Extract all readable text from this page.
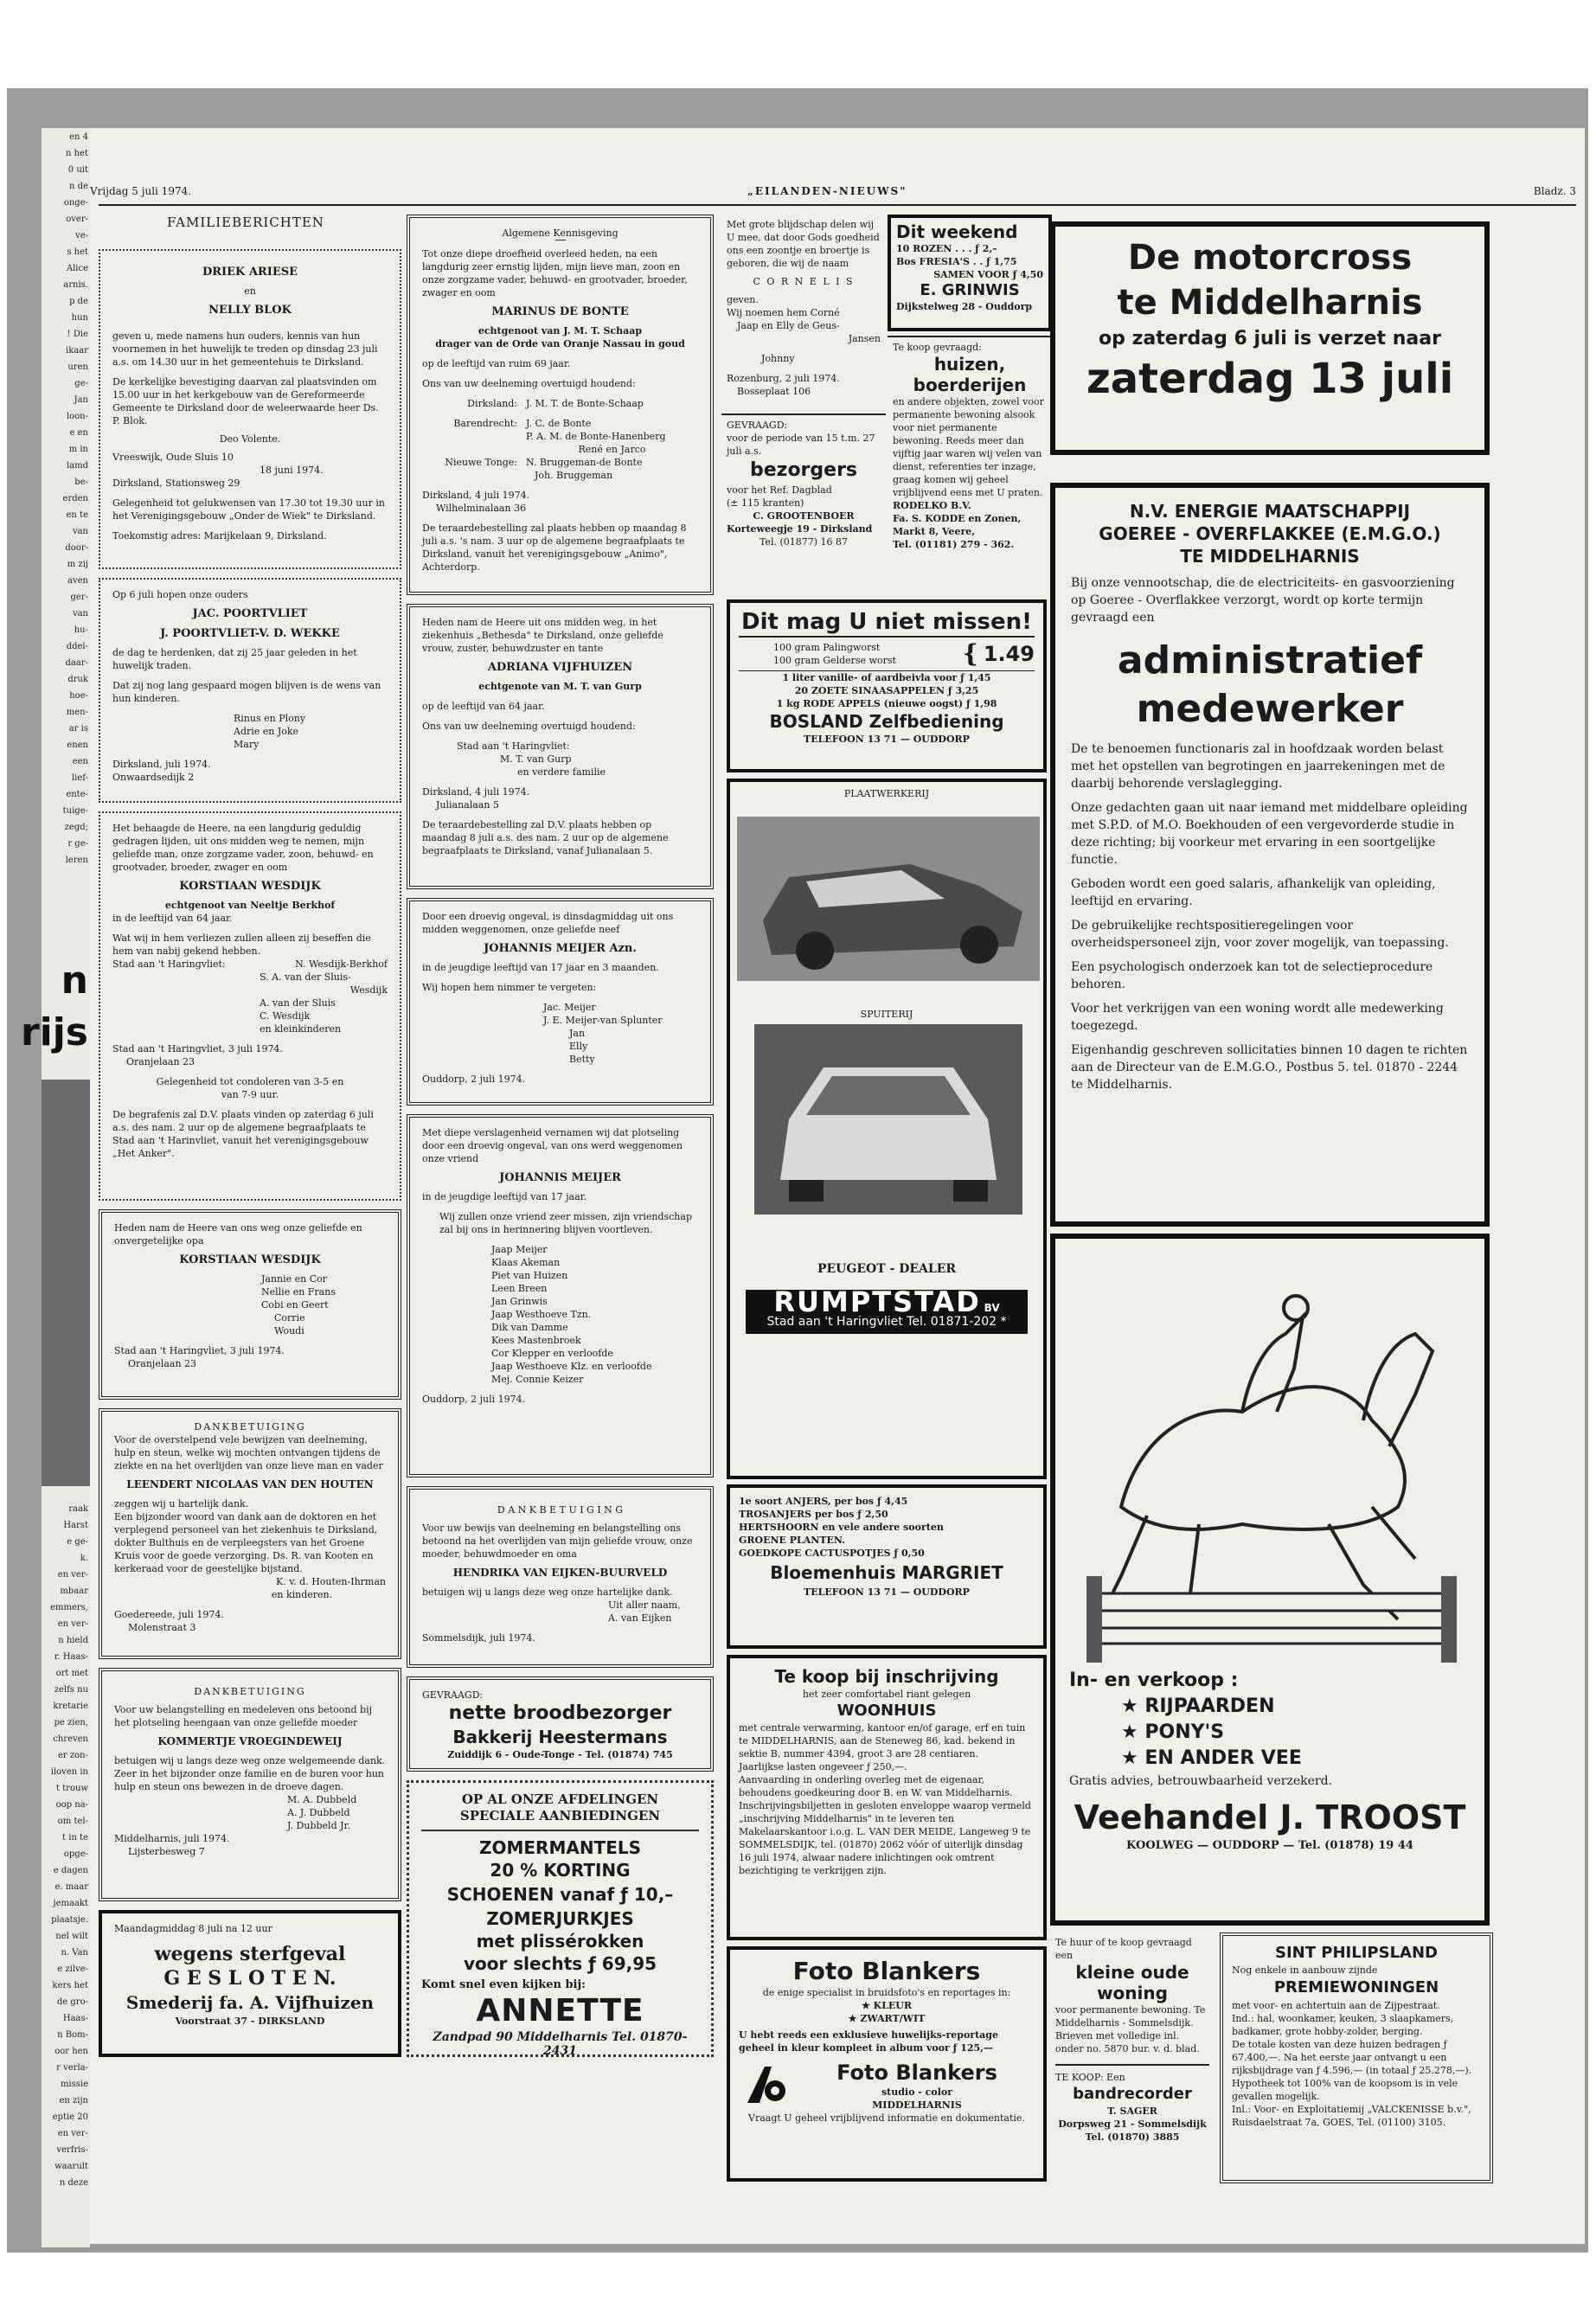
n
rijs
en 4
n het
0 uit
n de
onge-
over-
ve-
s het
Alice
arnis.
p de
hun
! Die
ikaar
uren
ge-
Jan
loon-
e en
m in
lamd
be-
erden
en te
van
door-
m zij
aven
ger-
van
hu-
ddel-
daar-
druk
hoe-
men-
ar is
enen
een
lief-
ente-
tuige-
zegd;
r ge-
leren
raak
Harst
e ge-
k.
en ver-
mbaar
emmers,
en ver-
n hield
r. Haas-
ort met
zelfs nu
kretarie
pe zien,
chreven
er zon-
iloven in
t trouw
oop na-
om tel-
t in te
opge-
e dagen
e. maar
jemaakt
plaatsje.
nel wilt
n. Van
e zilve-
kers het
de gro-
Haas-
n Bom-
oor hen
r verla-
missie
en zijn
eptie 20
en ver-
verfris-
waarult
n deze
Vrijdag 5 juli 1974.	„EILANDEN-NIEUWS"	Bladz. 3
FAMILIEBERICHTEN
DRIEK ARIESE
en
NELLY BLOK

geven u, mede namens hun ouders, kennis van hun voornemen in het huwelijk te treden op dinsdag 23 juli a.s. om 14.30 uur in het gemeentehuis te Dirksland.

De kerkelijke bevestiging daarvan zal plaatsvinden om 15.00 uur in het kerkgebouw van de Gereformeerde Gemeente te Dirksland door de weleerwaarde heer Ds. P. Blok.

Deo Volente.

Vreeswijk, Oude Sluis 10

18 juni 1974.

Dirksland, Stationsweg 29

Gelegenheid tot gelukwensen van 17.30 tot 19.30 uur in het Verenigingsgebouw „Onder de Wiek" te Dirksland.

Toekomstig adres: Marijkelaan 9, Dirksland.

Op 6 juli hopen onze ouders

JAC. POORTVLIET
J. POORTVLIET-V. D. WEKKE

de dag te herdenken, dat zij 25 jaar geleden in het huwelijk traden.

Dat zij nog lang gespaard mogen blijven is de wens van hun kinderen.

Rinus en Plony

Adrie en Joke

Mary

Dirksland, juli 1974.

Onwaardsedijk 2

Het behaagde de Heere, na een langdurig geduldig gedragen lijden, uit ons midden weg te nemen, mijn geliefde man, onze zorgzame vader, zoon, behuwd- en grootvader, broeder, zwager en oom

KORSTIAAN WESDIJK

echtgenoot van Neeltje Berkhof

in de leeftijd van 64 jaar.

Wat wij in hem verliezen zullen alleen zij beseffen die hem van nabij gekend hebben.

Stad aan 't Haringvliet:	N. Wesdijk-Berkhof

S. A. van der Sluis-

Wesdijk

A. van der Sluis

C. Wesdijk

en kleinkinderen

Stad aan 't Haringvliet, 3 juli 1974.

Oranjelaan 23

Gelegenheid tot condoleren van 3-5 en

van 7-9 uur.

De begrafenis zal D.V. plaats vinden op zaterdag 6 juli a.s. des nam. 2 uur op de algemene begraafplaats te Stad aan 't Harinvliet, vanuit het verenigingsgebouw „Het Anker".

Heden nam de Heere van ons weg onze geliefde en onvergetelijke opa

KORSTIAAN WESDIJK

Jannie en Cor

Nellie en Frans

Cobi en Geert

Corrie

Woudi

Stad aan 't Haringvliet, 3 juli 1974.

Oranjelaan 23

DANKBETUIGING

Voor de overstelpend vele bewijzen van deelneming, hulp en steun, welke wij mochten ontvangen tijdens de ziekte en na het overlijden van onze lieve man en vader

LEENDERT NICOLAAS VAN DEN HOUTEN

zeggen wij u hartelijk dank.

Een bijzonder woord van dank aan de doktoren en het verplegend personeel van het ziekenhuis te Dirksland, dokter Bulthuis en de verpleegsters van het Groene Kruis voor de goede verzorging. Ds. R. van Kooten en kerkeraad voor de geestelijke bijstand.

K. v. d. Houten-Ihrman

en kinderen.

Goedereede, juli 1974.

Molenstraat 3

DANKBETUIGING

Voor uw belangstelling en medeleven ons betoond bij het plotseling heengaan van onze geliefde moeder

KOMMERTJE VROEGINDEWEIJ

betuigen wij u langs deze weg onze welgemeende dank.

Zeer in het bijzonder onze familie en de buren voor hun hulp en steun ons bewezen in de droeve dagen.

M. A. Dubbeld

A. J. Dubbeld

J. Dubbeld Jr.

Middelharnis, juli 1974.

Lijsterbesweg 7

Maandagmiddag 8 juli na 12 uur

wegens sterfgeval
G E S L O T E N.
Smederij fa. A. Vijfhuizen
Voorstraat 37 - DIRKSLAND
Algemene Kennisgeving

Tot onze diepe droefheid overleed heden, na een langdurig zeer ernstig lijden, mijn lieve man, zoon en onze zorgzame vader, behuwd- en grootvader, broeder, zwager en oom

MARINUS DE BONTE

echtgenoot van J. M. T. Schaap

drager van de Orde van Oranje Nassau in goud

op de leeftijd van ruim 69 jaar.

Ons van uw deelneming overtuigd houdend:

Dirksland: J. M. T. de Bonte-Schaap
Barendrecht: J. C. de Bonte

P. A. M. de Bonte-Hanenberg

René en Jarco

Nieuwe Tonge: N. Bruggeman-de Bonte

Joh. Bruggeman

Dirksland, 4 juli 1974.

Wilhelminalaan 36

De teraardebestelling zal plaats hebben op maandag 8 juli a.s. 's nam. 3 uur op de algemene begraafplaats te Dirksland, vanuit het verenigingsgebouw „Animo", Achterdorp.

Heden nam de Heere uit ons midden weg, in het ziekenhuis „Bethesda" te Dirksland, onze geliefde vrouw, zuster, behuwdzuster en tante

ADRIANA VIJFHUIZEN

echtgenote van M. T. van Gurp

op de leeftijd van 64 jaar.

Ons van uw deelneming overtuigd houdend:

Stad aan 't Haringvliet:

M. T. van Gurp

en verdere familie

Dirksland, 4 juli 1974.

Julianalaan 5

De teraardebestelling zal D.V. plaats hebben op maandag 8 juli a.s. des nam. 2 uur op de algemene begraafplaats te Dirksland, vanaf Julianalaan 5.

Door een droevig ongeval, is dinsdagmiddag uit ons midden weggenomen, onze geliefde neef

JOHANNIS MEIJER Azn.

in de jeugdige leeftijd van 17 jaar en 3 maanden.

Wij hopen hem nimmer te vergeten:

Jac. Meijer

J. E. Meijer-van Splunter

Jan

Elly

Betty

Ouddorp, 2 juli 1974.

Met diepe verslagenheid vernamen wij dat plotseling door een droevig ongeval, van ons werd weggenomen onze vriend

JOHANNIS MEIJER

in de jeugdige leeftijd van 17 jaar.

Wij zullen onze vriend zeer missen, zijn vriendschap zal bij ons in herinnering blijven voortleven.

Jaap Meijer

Klaas Akeman

Piet van Huizen

Leen Breen

Jan Grinwis

Jaap Westhoeve Tzn.

Dik van Damme

Kees Mastenbroek

Cor Klepper en verloofde

Jaap Westhoeve Klz. en verloofde

Mej. Connie Keizer

Ouddorp, 2 juli 1974.

D A N K B E T U I G I N G

Voor uw bewijs van deelneming en belangstelling ons betoond na het overlijden van mijn geliefde vrouw, onze moeder, behuwdmoeder en oma

HENDRIKA VAN EIJKEN-BUURVELD

betuigen wij u langs deze weg onze hartelijke dank.

Uit aller naam,

A. van Eijken

Sommelsdijk, juli 1974.

GEVRAAGD:

nette broodbezorger
Bakkerij Heestermans
Zuiddijk 6 - Oude-Tonge - Tel. (01874) 745
OP AL ONZE AFDELINGEN
SPECIALE AANBIEDINGEN
ZOMERMANTELS
20 % KORTING
SCHOENEN vanaf ƒ 10,–
ZOMERJURKJES
met plissérokken
voor slechts ƒ 69,95
Komt snel even kijken bij:
ANNETTE
Zandpad 90 Middelharnis Tel. 01870-2431

Met grote blijdschap delen wij U mee, dat door Gods goedheid ons een zoontje en broertje is geboren, die wij de naam

C O R N E L I S

geven.

Wij noemen hem Corné

Jaap en Elly de Geus-

Jansen

Johnny

Rozenburg, 2 juli 1974.

Bosseplaat 106

GEVRAAGD:

voor de periode van 15 t.m. 27 juli a.s.

bezorgers

voor het Ref. Dagblad

(± 115 kranten)

C. GROOTENBOER

Korteweegje 19 - Dirksland

Tel. (01877) 16 87

Dit weekend

10 ROZEN . . . ƒ 2,–

Bos FRESIA'S . . ƒ 1,75

SAMEN VOOR ƒ 4,50

E. GRINWIS

Dijkstelweg 28 - Ouddorp

Te koop gevraagd:

huizen,
boerderijen

en andere objekten, zowel voor permanente bewoning alsook voor niet permanente bewoning. Reeds meer dan vijftig jaar waren wij velen van dienst, referenties ter inzage, graag komen wij geheel vrijblijvend eens met U praten.

RODELKO B.V.

Fa. S. KODDE en Zonen,

Markt 8, Veere,

Tel. (01181) 279 - 362.

Dit mag U niet missen!

100 gram Palingworst

100 gram Gelderse worst	{ 1.49

1 liter vanille- of aardbeivla voor ƒ 1,45

20 ZOETE SINAASAPPELEN ƒ 3,25

1 kg RODE APPELS (nieuwe oogst) ƒ 1,98

BOSLAND Zelfbediening

TELEFOON 13 71 — OUDDORP

PLAATWERKERIJ
SPUITERIJ
PEUGEOT - DEALER
RUMPTSTAD BV
Stad aan 't Haringvliet Tel. 01871-202 *

1e soort ANJERS, per bos ƒ 4,45

TROSANJERS per bos ƒ 2,50

HERTSHOORN en vele andere soorten

GROENE PLANTEN.

GOEDKOPE CACTUSPOTJES ƒ 0,50

Bloemenhuis MARGRIET

TELEFOON 13 71 — OUDDORP

Te koop bij inschrijving

het zeer comfortabel riant gelegen

WOONHUIS

met centrale verwarming, kantoor en/of garage, erf en tuin te MIDDELHARNIS, aan de Steneweg 86, kad. bekend in sektie B, nummer 4394, groot 3 are 28 centiaren.

Jaarlijkse lasten ongeveer ƒ 250,—.

Aanvaarding in onderling overleg met de eigenaar, behoudens goedkeuring door B. en W. van Middelharnis.

Inschrijvingsbiljetten in gesloten enveloppe waarop vermeld „inschrijving Middelharnis" in te leveren ten Makelaarskantoor i.o.g. L. VAN DER MEIDE, Langeweg 9 te SOMMELSDIJK, tel. (01870) 2062 vóór of uiterlijk dinsdag 16 juli 1974, alwaar nadere inlichtingen ook omtrent bezichtiging te verkrijgen zijn.

Foto Blankers

de enige specialist in bruidsfoto's en reportages in:

★ KLEUR

★ ZWART/WIT

U hebt reeds een exklusieve huwelijks-reportage geheel in kleur kompleet in album voor ƒ 125,—

Foto Blankers

studio - color

MIDDELHARNIS

Vraagt U geheel vrijblijvend informatie en dokumentatie.

De motorcross
te Middelharnis
op zaterdag 6 juli is verzet naar
zaterdag 13 juli
N.V. ENERGIE MAATSCHAPPIJ
GOEREE - OVERFLAKKEE (E.M.G.O.)
TE MIDDELHARNIS

Bij onze vennootschap, die de electriciteits- en gasvoorziening op Goeree - Overflakkee verzorgt, wordt op korte termijn gevraagd een

administratief
medewerker

De te benoemen functionaris zal in hoofdzaak worden belast met het opstellen van begrotingen en jaarrekeningen met de daarbij behorende verslaglegging.

Onze gedachten gaan uit naar iemand met middelbare opleiding met S.P.D. of M.O. Boekhouden of een vergevorderde studie in deze richting; bij voorkeur met ervaring in een soortgelijke functie.

Geboden wordt een goed salaris, afhankelijk van opleiding, leeftijd en ervaring.

De gebruikelijke rechtspositieregelingen voor overheidspersoneel zijn, voor zover mogelijk, van toepassing.

Een psychologisch onderzoek kan tot de selectieprocedure behoren.

Voor het verkrijgen van een woning wordt alle medewerking toegezegd.

Eigenhandig geschreven sollicitaties binnen 10 dagen te richten aan de Directeur van de E.M.G.O., Postbus 5. tel. 01870 - 2244 te Middelharnis.

In- en verkoop :
★ RIJPAARDEN
★ PONY'S
★ EN ANDER VEE
Gratis advies, betrouwbaarheid verzekerd.
Veehandel J. TROOST
KOOLWEG — OUDDORP — Tel. (01878) 19 44

Te huur of te koop gevraagd een

kleine oude
woning

voor permanente bewoning. Te Middelharnis - Sommelsdijk.

Brieven met volledige inl. onder no. 5870 bur. v. d. blad.

TE KOOP: Een

bandrecorder

T. SAGER

Dorpsweg 21 - Sommelsdijk

Tel. (01870) 3885

SINT PHILIPSLAND

Nog enkele in aanbouw zijnde

PREMIEWONINGEN

met voor- en achtertuin aan de Zijpestraat.

Ind.: hal, woonkamer, keuken, 3 slaapkamers, badkamer, grote hobby-zolder, berging.

De totale kosten van deze huizen bedragen ƒ 67.400,—. Na het eerste jaar ontvangt u een rijksbijdrage van ƒ 4.596,— (in totaal ƒ 25.278,—).

Hypotheek tot 100% van de koopsom is in vele gevallen mogelijk.

Inl.: Voor- en Exploitatiemij „VALCKENISSE b.v.", Ruisdaelstraat 7a, GOES, Tel. (01100) 3105.
